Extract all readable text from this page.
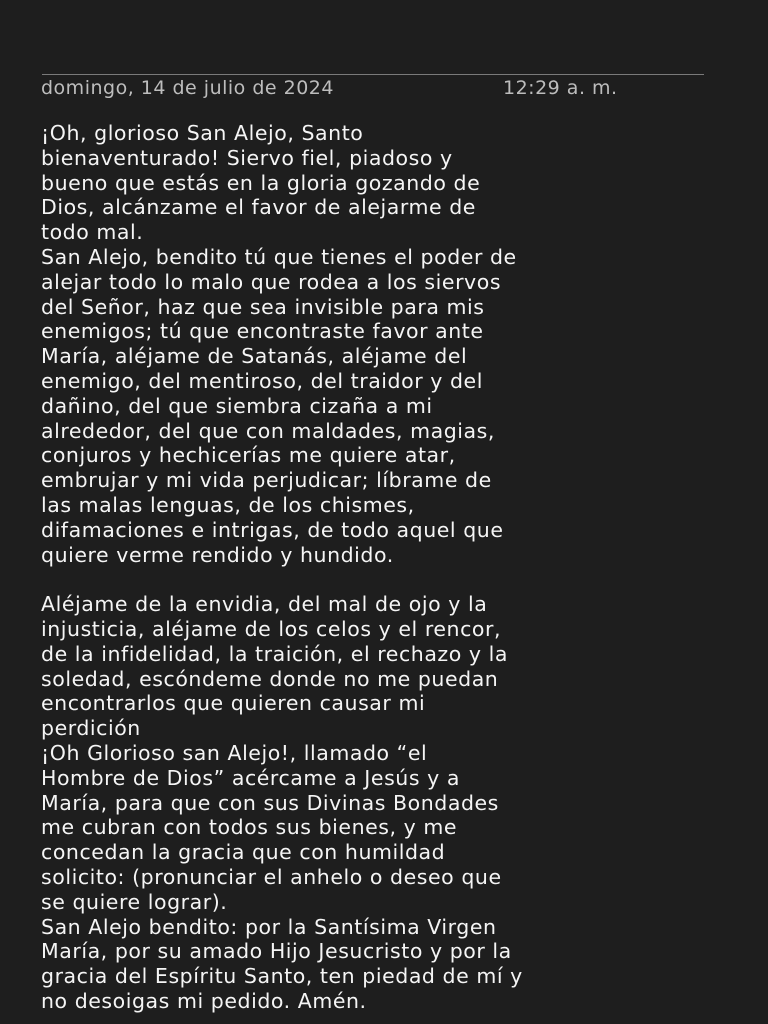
domingo, 14 de julio de 2024	12:29 a. m.
¡Oh, glorioso San Alejo, Santo
bienaventurado! Siervo fiel, piadoso y
bueno que estás en la gloria gozando de
Dios, alcánzame el favor de alejarme de
todo mal.
San Alejo, bendito tú que tienes el poder de
alejar todo lo malo que rodea a los siervos
del Señor, haz que sea invisible para mis
enemigos; tú que encontraste favor ante
María, aléjame de Satanás, aléjame del
enemigo, del mentiroso, del traidor y del
dañino, del que siembra cizaña a mi
alrededor, del que con maldades, magias,
conjuros y hechicerías me quiere atar,
embrujar y mi vida perjudicar; líbrame de
las malas lenguas, de los chismes,
difamaciones e intrigas, de todo aquel que
quiere verme rendido y hundido.
Aléjame de la envidia, del mal de ojo y la
injusticia, aléjame de los celos y el rencor,
de la infidelidad, la traición, el rechazo y la
soledad, escóndeme donde no me puedan
encontrarlos que quieren causar mi
perdición
¡Oh Glorioso san Alejo!, llamado “el
Hombre de Dios” acércame a Jesús y a
María, para que con sus Divinas Bondades
me cubran con todos sus bienes, y me
concedan la gracia que con humildad
solicito: (pronunciar el anhelo o deseo que
se quiere lograr).
San Alejo bendito: por la Santísima Virgen
María, por su amado Hijo Jesucristo y por la
gracia del Espíritu Santo, ten piedad de mí y
no desoigas mi pedido. Amén.
